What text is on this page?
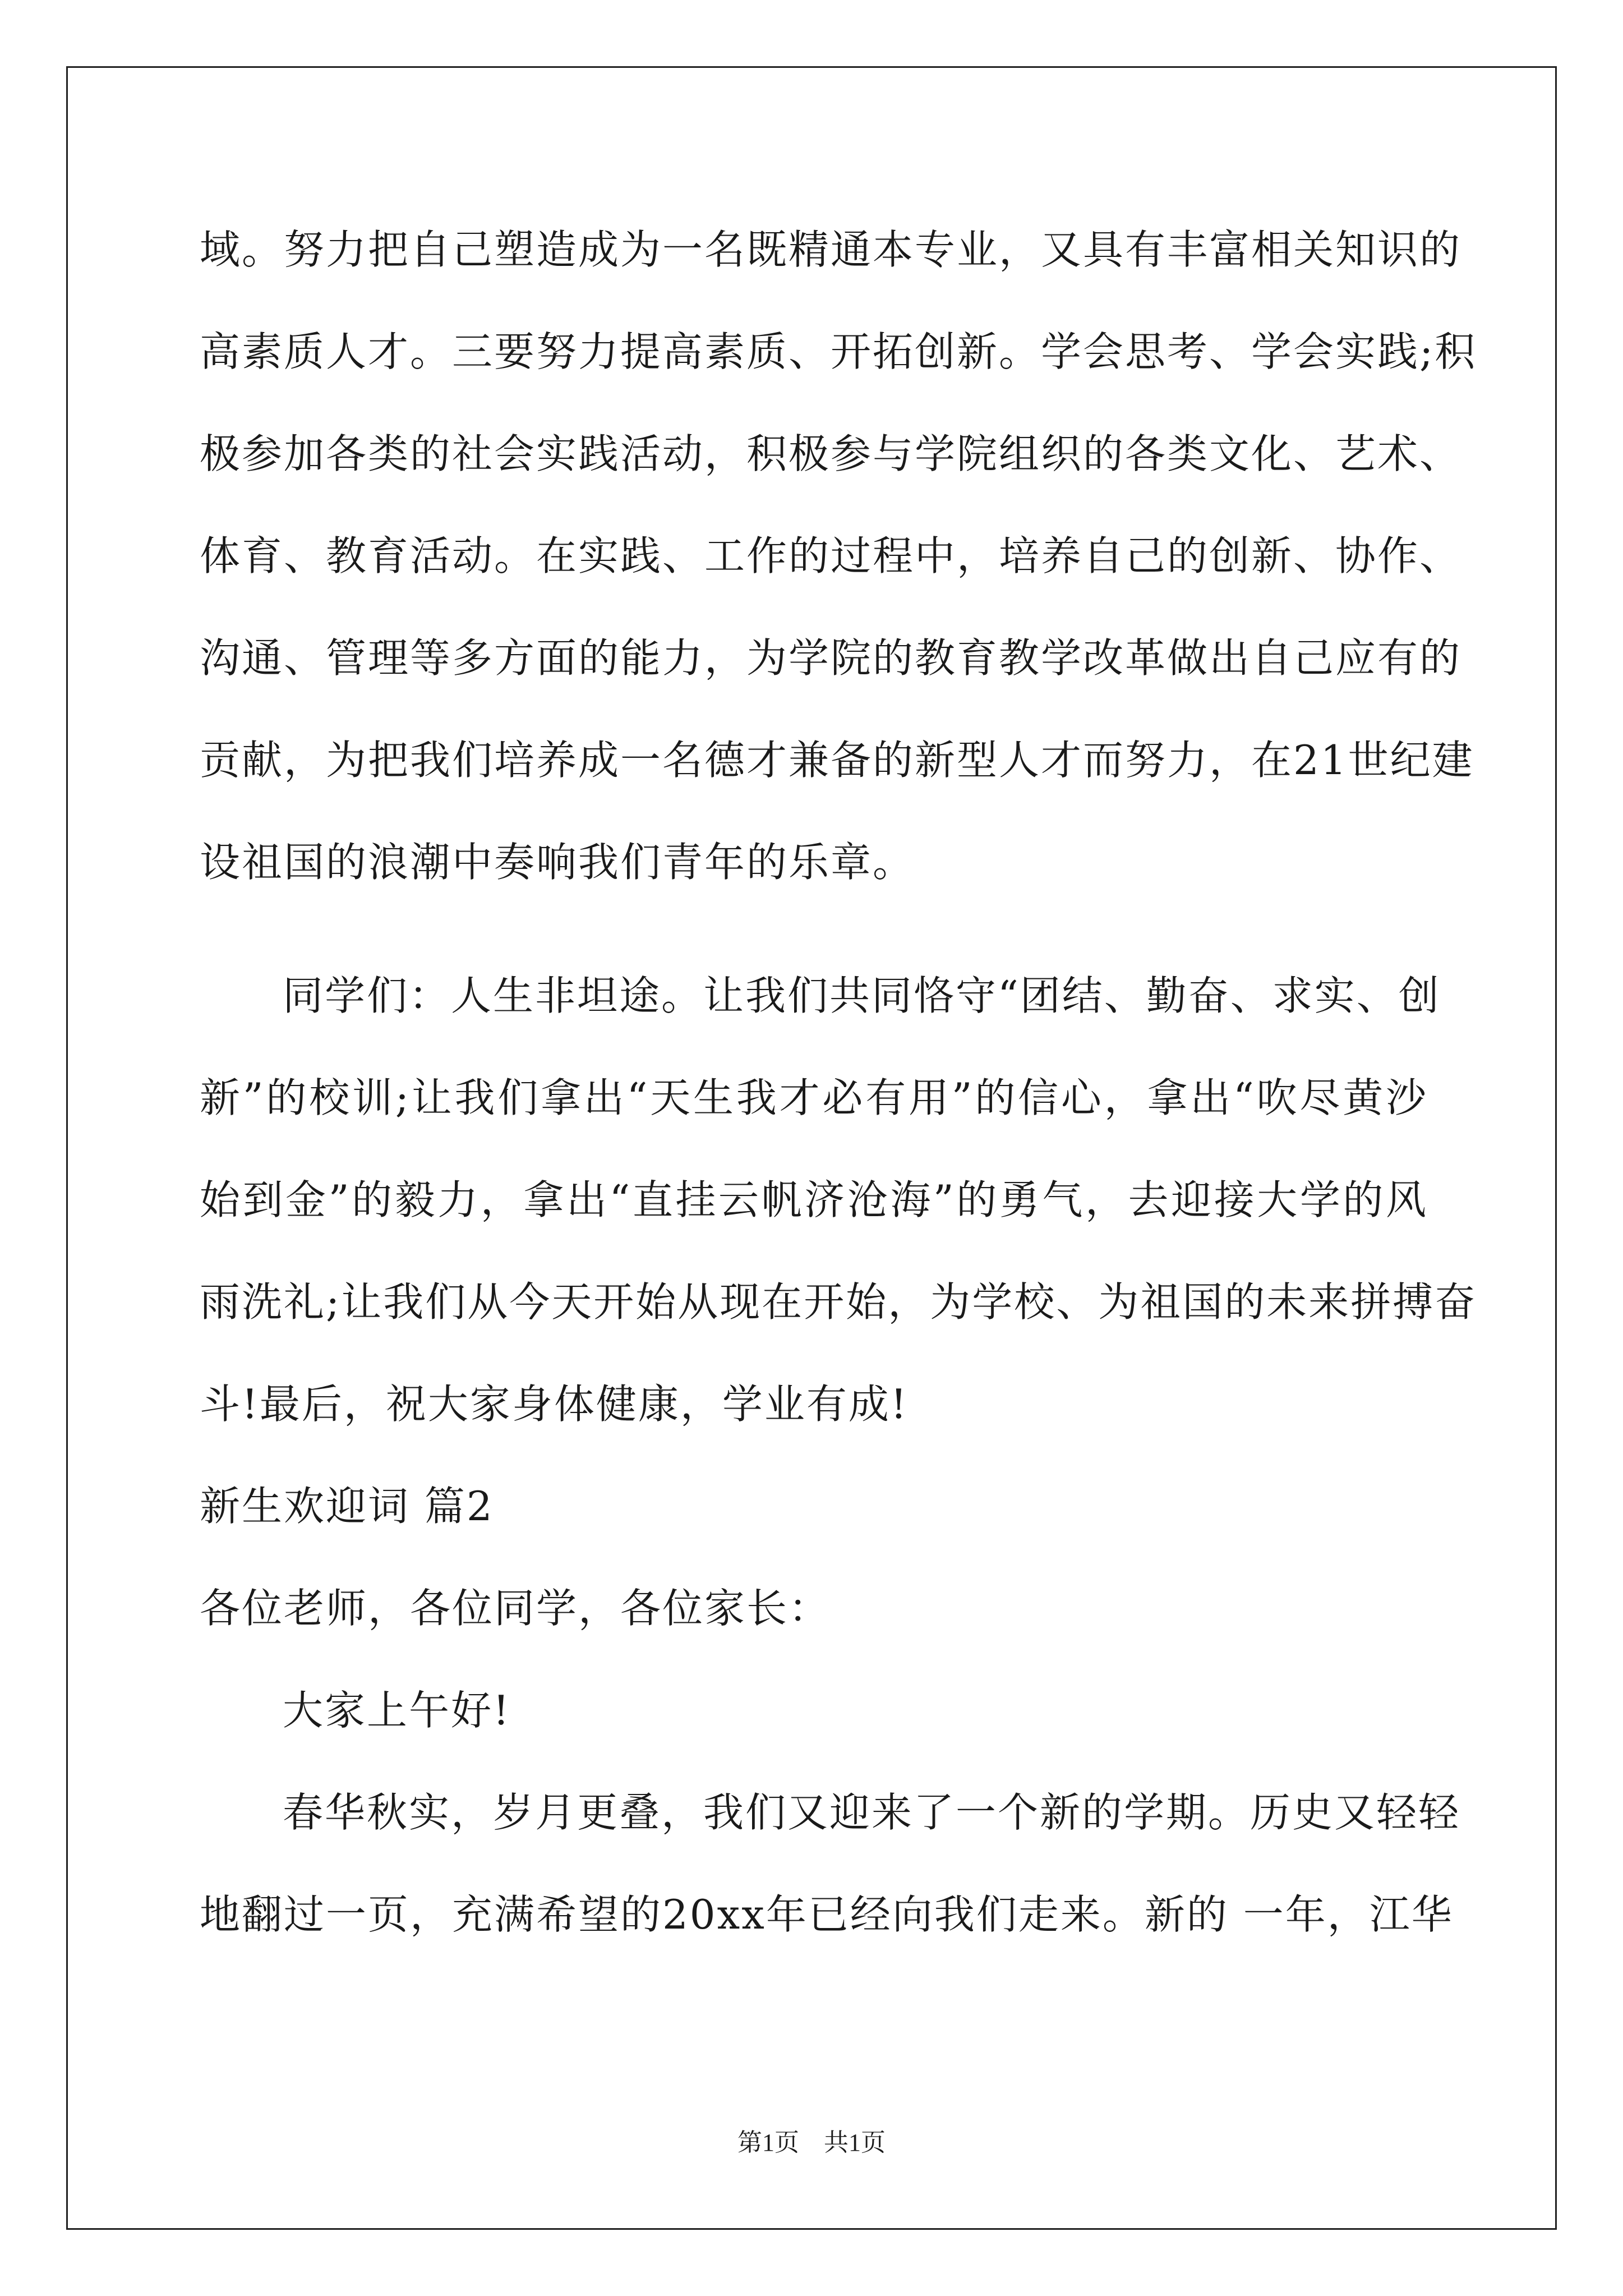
域。努力把自己塑造成为一名既精通本专业，又具有丰富相关知识的
高素质人才。三要努力提高素质、开拓创新。学会思考、学会实践;积
极参加各类的社会实践活动，积极参与学院组织的各类文化、艺术、
体育、教育活动。在实践、工作的过程中，培养自己的创新、协作、
沟通、管理等多方面的能力，为学院的教育教学改革做出自己应有的
贡献，为把我们培养成一名德才兼备的新型人才而努力，在21世纪建
设祖国的浪潮中奏响我们青年的乐章。
同学们：人生非坦途。让我们共同恪守“团结、勤奋、求实、创
新”的校训;让我们拿出“天生我才必有用”的信心，拿出“吹尽黄沙
始到金”的毅力，拿出“直挂云帆济沧海”的勇气，去迎接大学的风
雨洗礼;让我们从今天开始从现在开始，为学校、为祖国的未来拼搏奋
斗!最后，祝大家身体健康，学业有成!
新生欢迎词 篇2
各位老师，各位同学，各位家长：
大家上午好!
春华秋实，岁月更叠，我们又迎来了一个新的学期。历史又轻轻
地翻过一页，充满希望的20xx年已经向我们走来。新的 一年，江华
第1页 共1页
